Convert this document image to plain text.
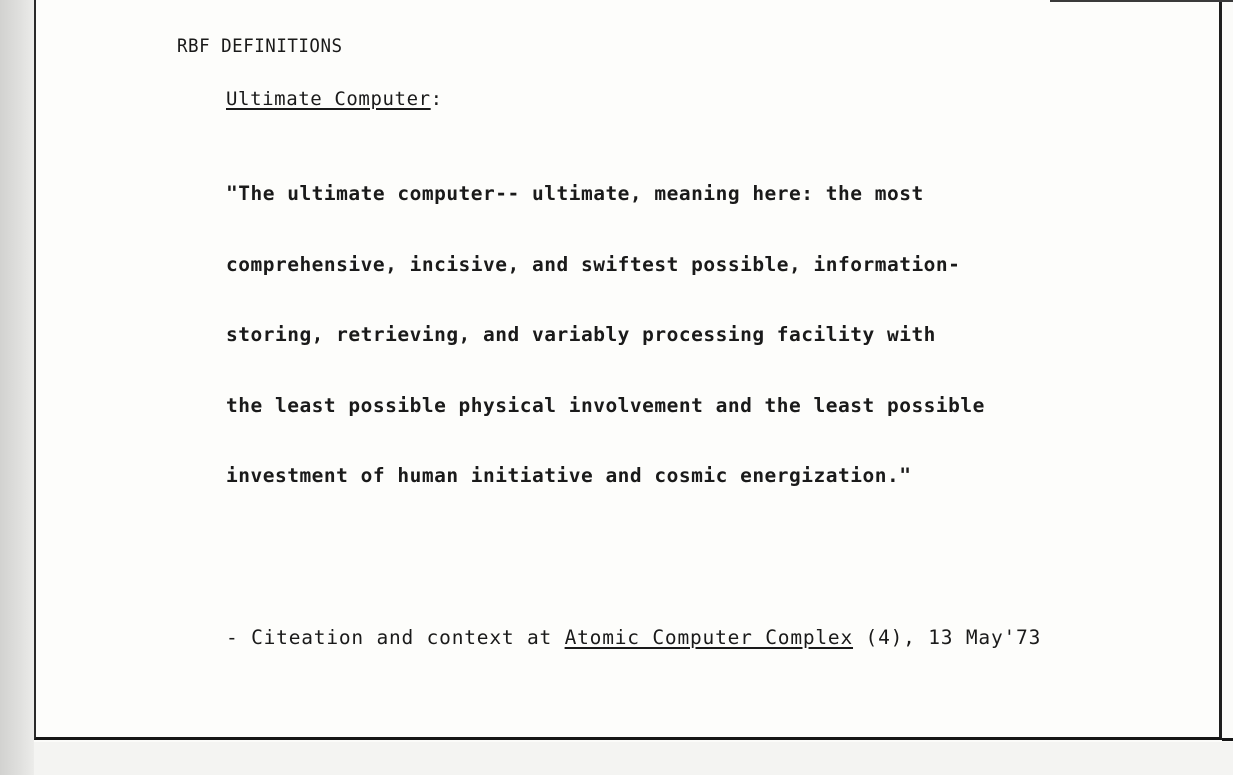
RBF DEFINITIONS

Ultimate Computer:

"The ultimate computer-- ultimate, meaning here: the most

comprehensive, incisive, and swiftest possible, information-

storing, retrieving, and variably processing facility with

the least possible physical involvement and the least possible

investment of human initiative and cosmic energization."

- Citeation and context at Atomic Computer Complex (4), 13 May'73
